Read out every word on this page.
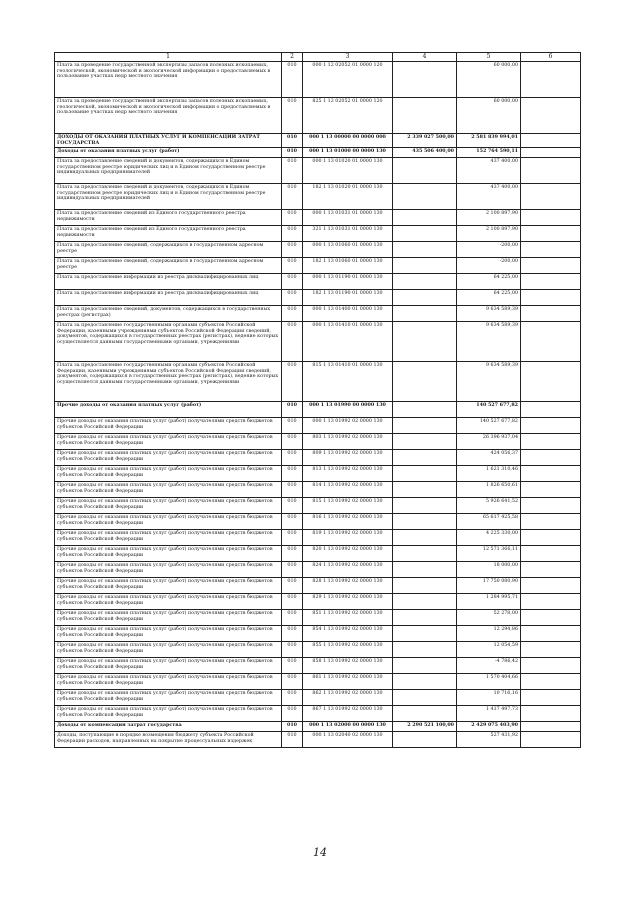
1	2	3	4	5	6
Плата за проведение государственной экспертизы запасов полезных ископаемых, геологической, экономической и экологической информации о предоставляемых в пользование участках недр местного значения	010	000 1 12 02052 01 0000 120		60 000,00	
Плата за проведение государственной экспертизы запасов полезных ископаемых, геологической, экономической и экологической информации о предоставляемых в пользование участках недр местного значения	010	825 1 12 02052 01 0000 120		60 000,00	
ДОХОДЫ ОТ ОКАЗАНИЯ ПЛАТНЫХ УСЛУГ И КОМПЕНСАЦИИ ЗАТРАТ ГОСУДАРСТВА	010	000 1 13 00000 00 0000 000	2 339 027 500,00	2 581 839 994,01	
Доходы от оказания платных услуг (работ)	010	000 1 13 01000 00 0000 130	435 506 400,00	152 764 590,11	
Плата за предоставление сведений и документов, содержащихся в Едином государственном реестре юридических лиц и в Едином государственном реестре индивидуальных предпринимателей	010	000 1 13 01020 01 0000 130		437 400,00	
Плата за предоставление сведений и документов, содержащихся в Едином государственном реестре юридических лиц и в Едином государственном реестре индивидуальных предпринимателей	010	182 1 13 01020 01 0000 130		437 400,00	
Плата за предоставление сведений из Единого государственного реестра недвижимости	010	000 1 13 01031 01 0000 130		2 100 897,90	
Плата за предоставление сведений из Единого государственного реестра недвижимости	010	321 1 13 01031 01 0000 130		2 100 897,90	
Плата за предоставление сведений, содержащихся в государственном адресном реестре	010	000 1 13 01060 01 0000 130		-200,00	
Плата за предоставление сведений, содержащихся в государственном адресном реестре	010	182 1 13 01060 01 0000 130		-200,00	
Плата за предоставление информации из реестра дисквалифицированных лиц	010	000 1 13 01190 01 0000 130		64 225,00	
Плата за предоставление информации из реестра дисквалифицированных лиц	010	182 1 13 01190 01 0000 130		64 225,00	
Плата за предоставление сведений, документов, содержащихся в государственных реестрах (регистрах)	010	000 1 13 01400 01 0000 130		9 634 589,39	
Плата за предоставление государственными органами субъектов Российской Федерации, казенными учреждениями субъектов Российской Федерации сведений, документов, содержащихся в государственных реестрах (регистрах), ведение которых осуществляется данными государственными органами, учреждениями	010	000 1 13 01410 01 0000 130		9 634 589,39	
Плата за предоставление государственными органами субъектов Российской Федерации, казенными учреждениями субъектов Российской Федерации сведений, документов, содержащихся в государственных реестрах (регистрах), ведение которых осуществляется данными государственными органами, учреждениями	010	815 1 13 01410 01 0000 130		9 634 589,39	
Прочие доходы от оказания платных услуг (работ)	010	000 1 13 01990 00 0000 130		140 527 677,82	
Прочие доходы от оказания платных услуг (работ) получателями средств бюджетов субъектов Российской Федерации	010	000 1 13 01992 02 0000 130		140 527 677,82	
Прочие доходы от оказания платных услуг (работ) получателями средств бюджетов субъектов Российской Федерации	010	803 1 13 01992 02 0000 130		26 396 937,04	
Прочие доходы от оказания платных услуг (работ) получателями средств бюджетов субъектов Российской Федерации	010	809 1 13 01992 02 0000 130		424 056,37	
Прочие доходы от оказания платных услуг (работ) получателями средств бюджетов субъектов Российской Федерации	010	813 1 13 01992 02 0000 130		1 621 310,46	
Прочие доходы от оказания платных услуг (работ) получателями средств бюджетов субъектов Российской Федерации	010	814 1 13 01992 02 0000 130		1 826 650,61	
Прочие доходы от оказания платных услуг (работ) получателями средств бюджетов субъектов Российской Федерации	010	815 1 13 01992 02 0000 130		5 926 641,52	
Прочие доходы от оказания платных услуг (работ) получателями средств бюджетов субъектов Российской Федерации	010	816 1 13 01992 02 0000 130		65 617 425,58	
Прочие доходы от оказания платных услуг (работ) получателями средств бюджетов субъектов Российской Федерации	010	819 1 13 01992 02 0000 130		4 225 330,00	
Прочие доходы от оказания платных услуг (работ) получателями средств бюджетов субъектов Российской Федерации	010	820 1 13 01992 02 0000 130		12 571 366,11	
Прочие доходы от оказания платных услуг (работ) получателями средств бюджетов субъектов Российской Федерации	010	824 1 13 01992 02 0000 130		18 000,00	
Прочие доходы от оказания платных услуг (работ) получателями средств бюджетов субъектов Российской Федерации	010	828 1 13 01992 02 0000 130		17 750 080,90	
Прочие доходы от оказания платных услуг (работ) получателями средств бюджетов субъектов Российской Федерации	010	829 1 13 01992 02 0000 130		1 284 995,71	
Прочие доходы от оказания платных услуг (работ) получателями средств бюджетов субъектов Российской Федерации	010	851 1 13 01992 02 0000 130		52 278,00	
Прочие доходы от оказания платных услуг (работ) получателями средств бюджетов субъектов Российской Федерации	010	854 1 13 01992 02 0000 130		12 294,86	
Прочие доходы от оказания платных услуг (работ) получателями средств бюджетов субъектов Российской Федерации	010	855 1 13 01992 02 0000 130		12 054,59	
Прочие доходы от оказания платных услуг (работ) получателями средств бюджетов субъектов Российской Федерации	010	858 1 13 01992 02 0000 130		-4 786,42	
Прочие доходы от оказания платных услуг (работ) получателями средств бюджетов субъектов Российской Федерации	010	861 1 13 01992 02 0000 130		1 570 404,66	
Прочие доходы от оказания платных услуг (работ) получателями средств бюджетов субъектов Российской Федерации	010	862 1 13 01992 02 0000 130		10 716,16	
Прочие доходы от оказания платных услуг (работ) получателями средств бюджетов субъектов Российской Федерации	010	867 1 13 01992 02 0000 130		1 417 497,73	
Доходы от компенсации затрат государства	010	000 1 13 02000 00 0000 130	2 290 521 100,00	2 429 075 403,90	
Доходы, поступающие в порядке возмещения бюджету субъекта Российской Федерации расходов, направленных на покрытие процессуальных издержек	010	000 1 13 02040 02 0000 130		527 431,92	
14
